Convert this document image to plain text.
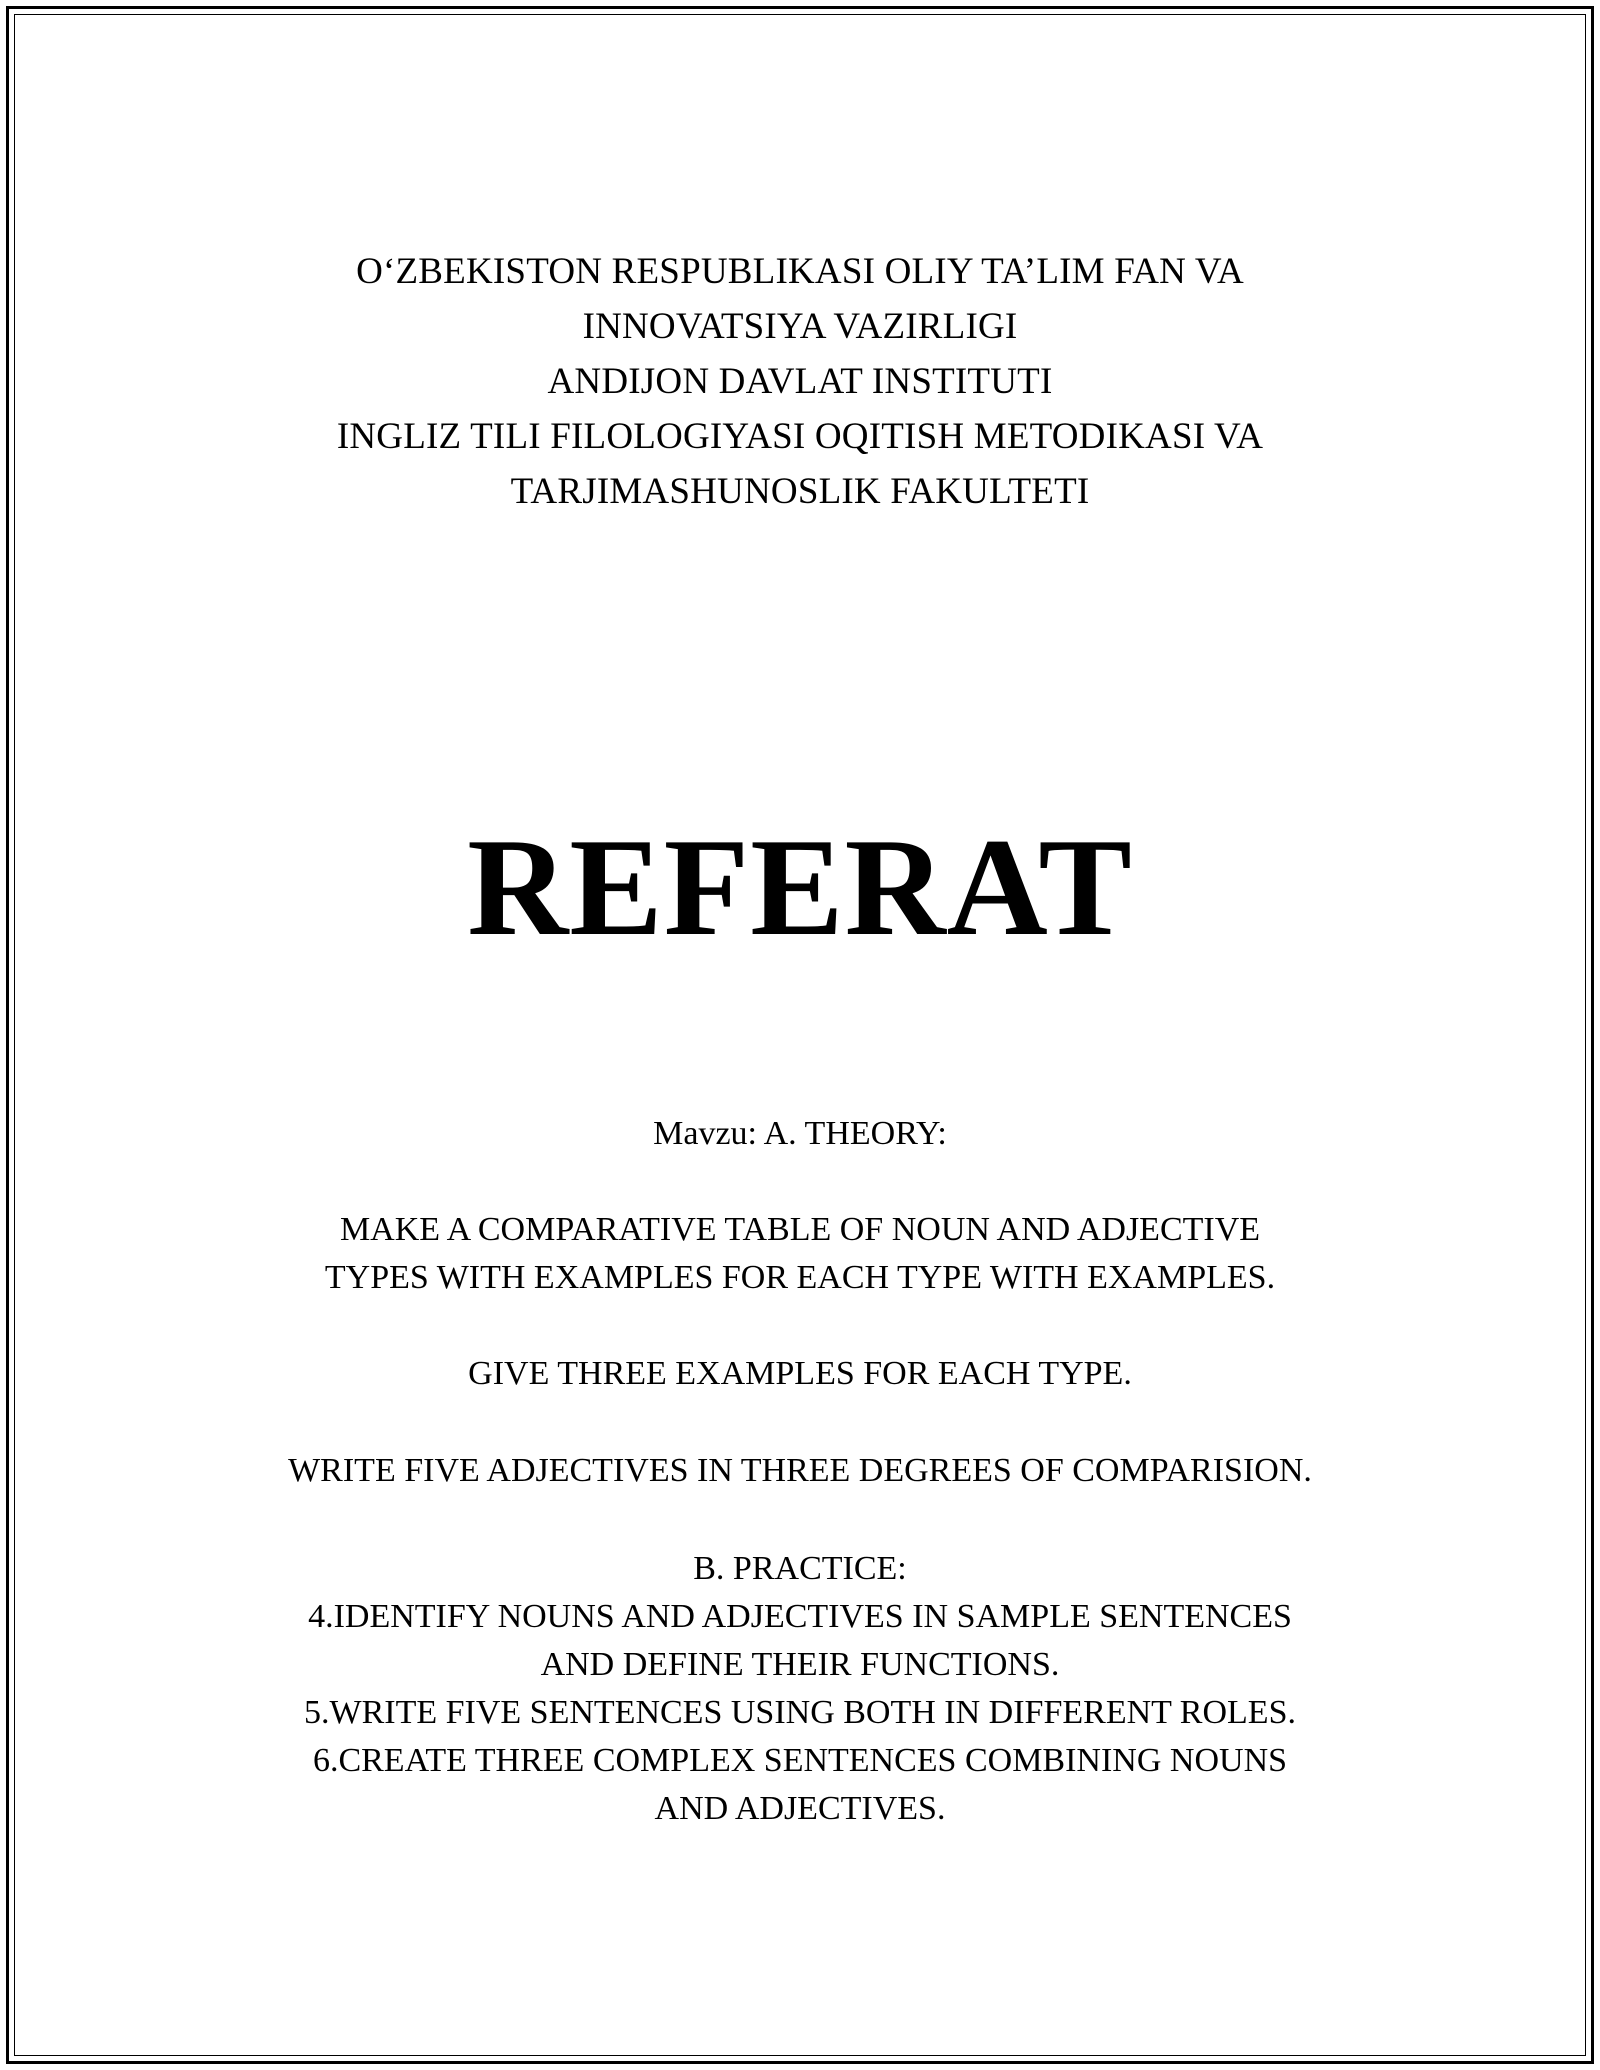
O‘ZBEKISTON RESPUBLIKASI OLIY TA’LIM FAN VA
INNOVATSIYA VAZIRLIGI
ANDIJON DAVLAT INSTITUTI
INGLIZ TILI FILOLOGIYASI OQITISH METODIKASI VA
TARJIMASHUNOSLIK FAKULTETI
REFERAT
Mavzu: A. THEORY:
MAKE A COMPARATIVE TABLE OF NOUN AND ADJECTIVE
TYPES WITH EXAMPLES FOR EACH TYPE WITH EXAMPLES.
GIVE THREE EXAMPLES FOR EACH TYPE.
WRITE FIVE ADJECTIVES IN THREE DEGREES OF COMPARISION.
B. PRACTICE:
4.IDENTIFY NOUNS AND ADJECTIVES IN SAMPLE SENTENCES
AND DEFINE THEIR FUNCTIONS.
5.WRITE FIVE SENTENCES USING BOTH IN DIFFERENT ROLES.
6.CREATE THREE COMPLEX SENTENCES COMBINING NOUNS
AND ADJECTIVES.
